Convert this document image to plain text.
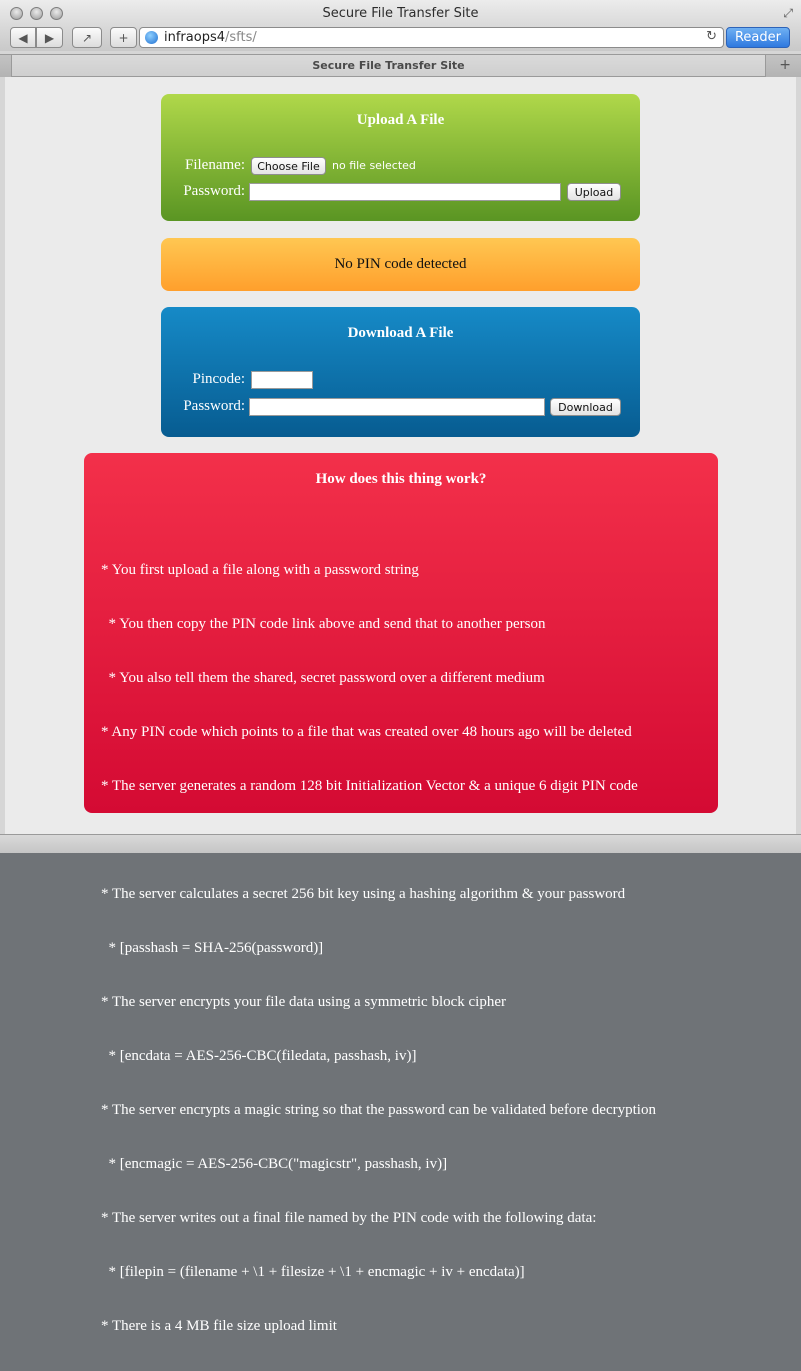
Secure File Transfer Site	⤢
◀ ▶ ↗ +	infraops4/sfts/	↻	Reader
Secure File Transfer Site	+
Upload A File
Filename:	Choose File	no file selected
Password:	Upload
No PIN code detected
Download A File
Pincode:
Password:	Download
How does this thing work?

* You first upload a file along with a password string

* You then copy the PIN code link above and send that to another person

* You also tell them the shared, secret password over a different medium

* Any PIN code which points to a file that was created over 48 hours ago will be deleted

* The server generates a random 128 bit Initialization Vector & a unique 6 digit PIN code

* The server calculates a secret 256 bit key using a hashing algorithm & your password

* [passhash = SHA-256(password)]

* The server encrypts your file data using a symmetric block cipher

* [encdata = AES-256-CBC(filedata, passhash, iv)]

* The server encrypts a magic string so that the password can be validated before decryption

* [encmagic = AES-256-CBC("magicstr", passhash, iv)]

* The server writes out a final file named by the PIN code with the following data:

* [filepin = (filename + \1 + filesize + \1 + encmagic + iv + encdata)]

* There is a 4 MB file size upload limit
